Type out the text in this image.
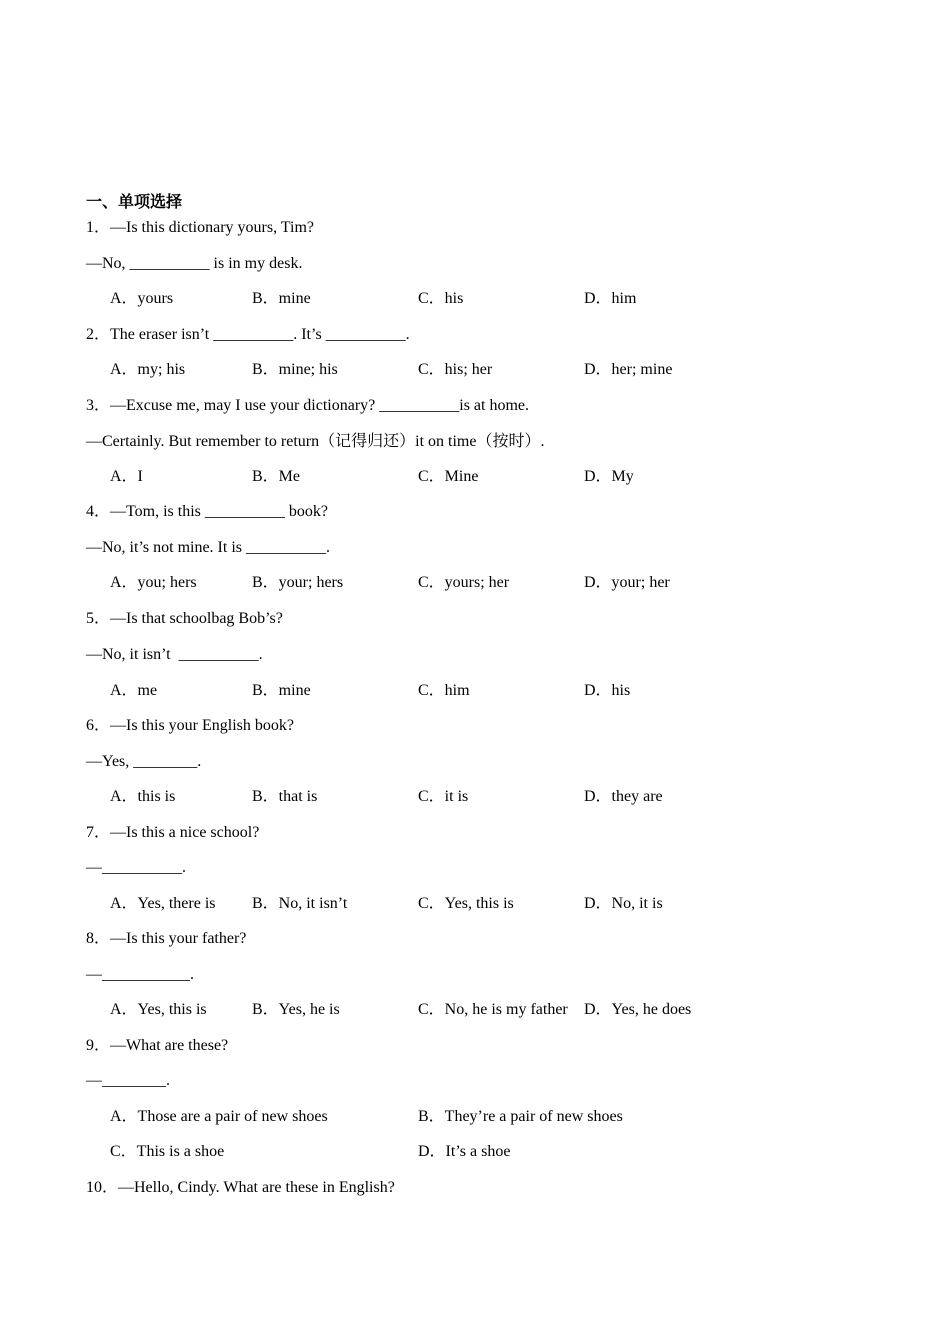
一、单项选择
1．—Is this dictionary yours, Tim?
—No, __________ is in my desk.
A．yours	B．mine	C．his	D．him
2．The eraser isn’t __________. It’s __________.
A．my; his	B．mine; his	C．his; her	D．her; mine
3．—Excuse me, may I use your dictionary? __________is at home.
—Certainly. But remember to return（记得归还）it on time（按时）.
A．I	B．Me	C．Mine	D．My
4．—Tom, is this __________ book?
—No, it’s not mine. It is __________.
A．you; hers	B．your; hers	C．yours; her	D．your; her
5．—Is that schoolbag Bob’s?
—No, it isn’t  __________.
A．me	B．mine	C．him	D．his
6．—Is this your English book?
—Yes, ________.
A．this is	B．that is	C．it is	D．they are
7．—Is this a nice school?
—__________.
A．Yes, there is B．No, it isn’t	C．Yes, this is	D．No, it is
8．—Is this your father?
—___________.
A．Yes, this is	B．Yes, he is	C．No, he is my father D．Yes, he does
9．—What are these?
—________.
A．Those are a pair of new shoes	B．They’re a pair of new shoes
C．This is a shoe	D．It’s a shoe
10．—Hello, Cindy. What are these in English?
